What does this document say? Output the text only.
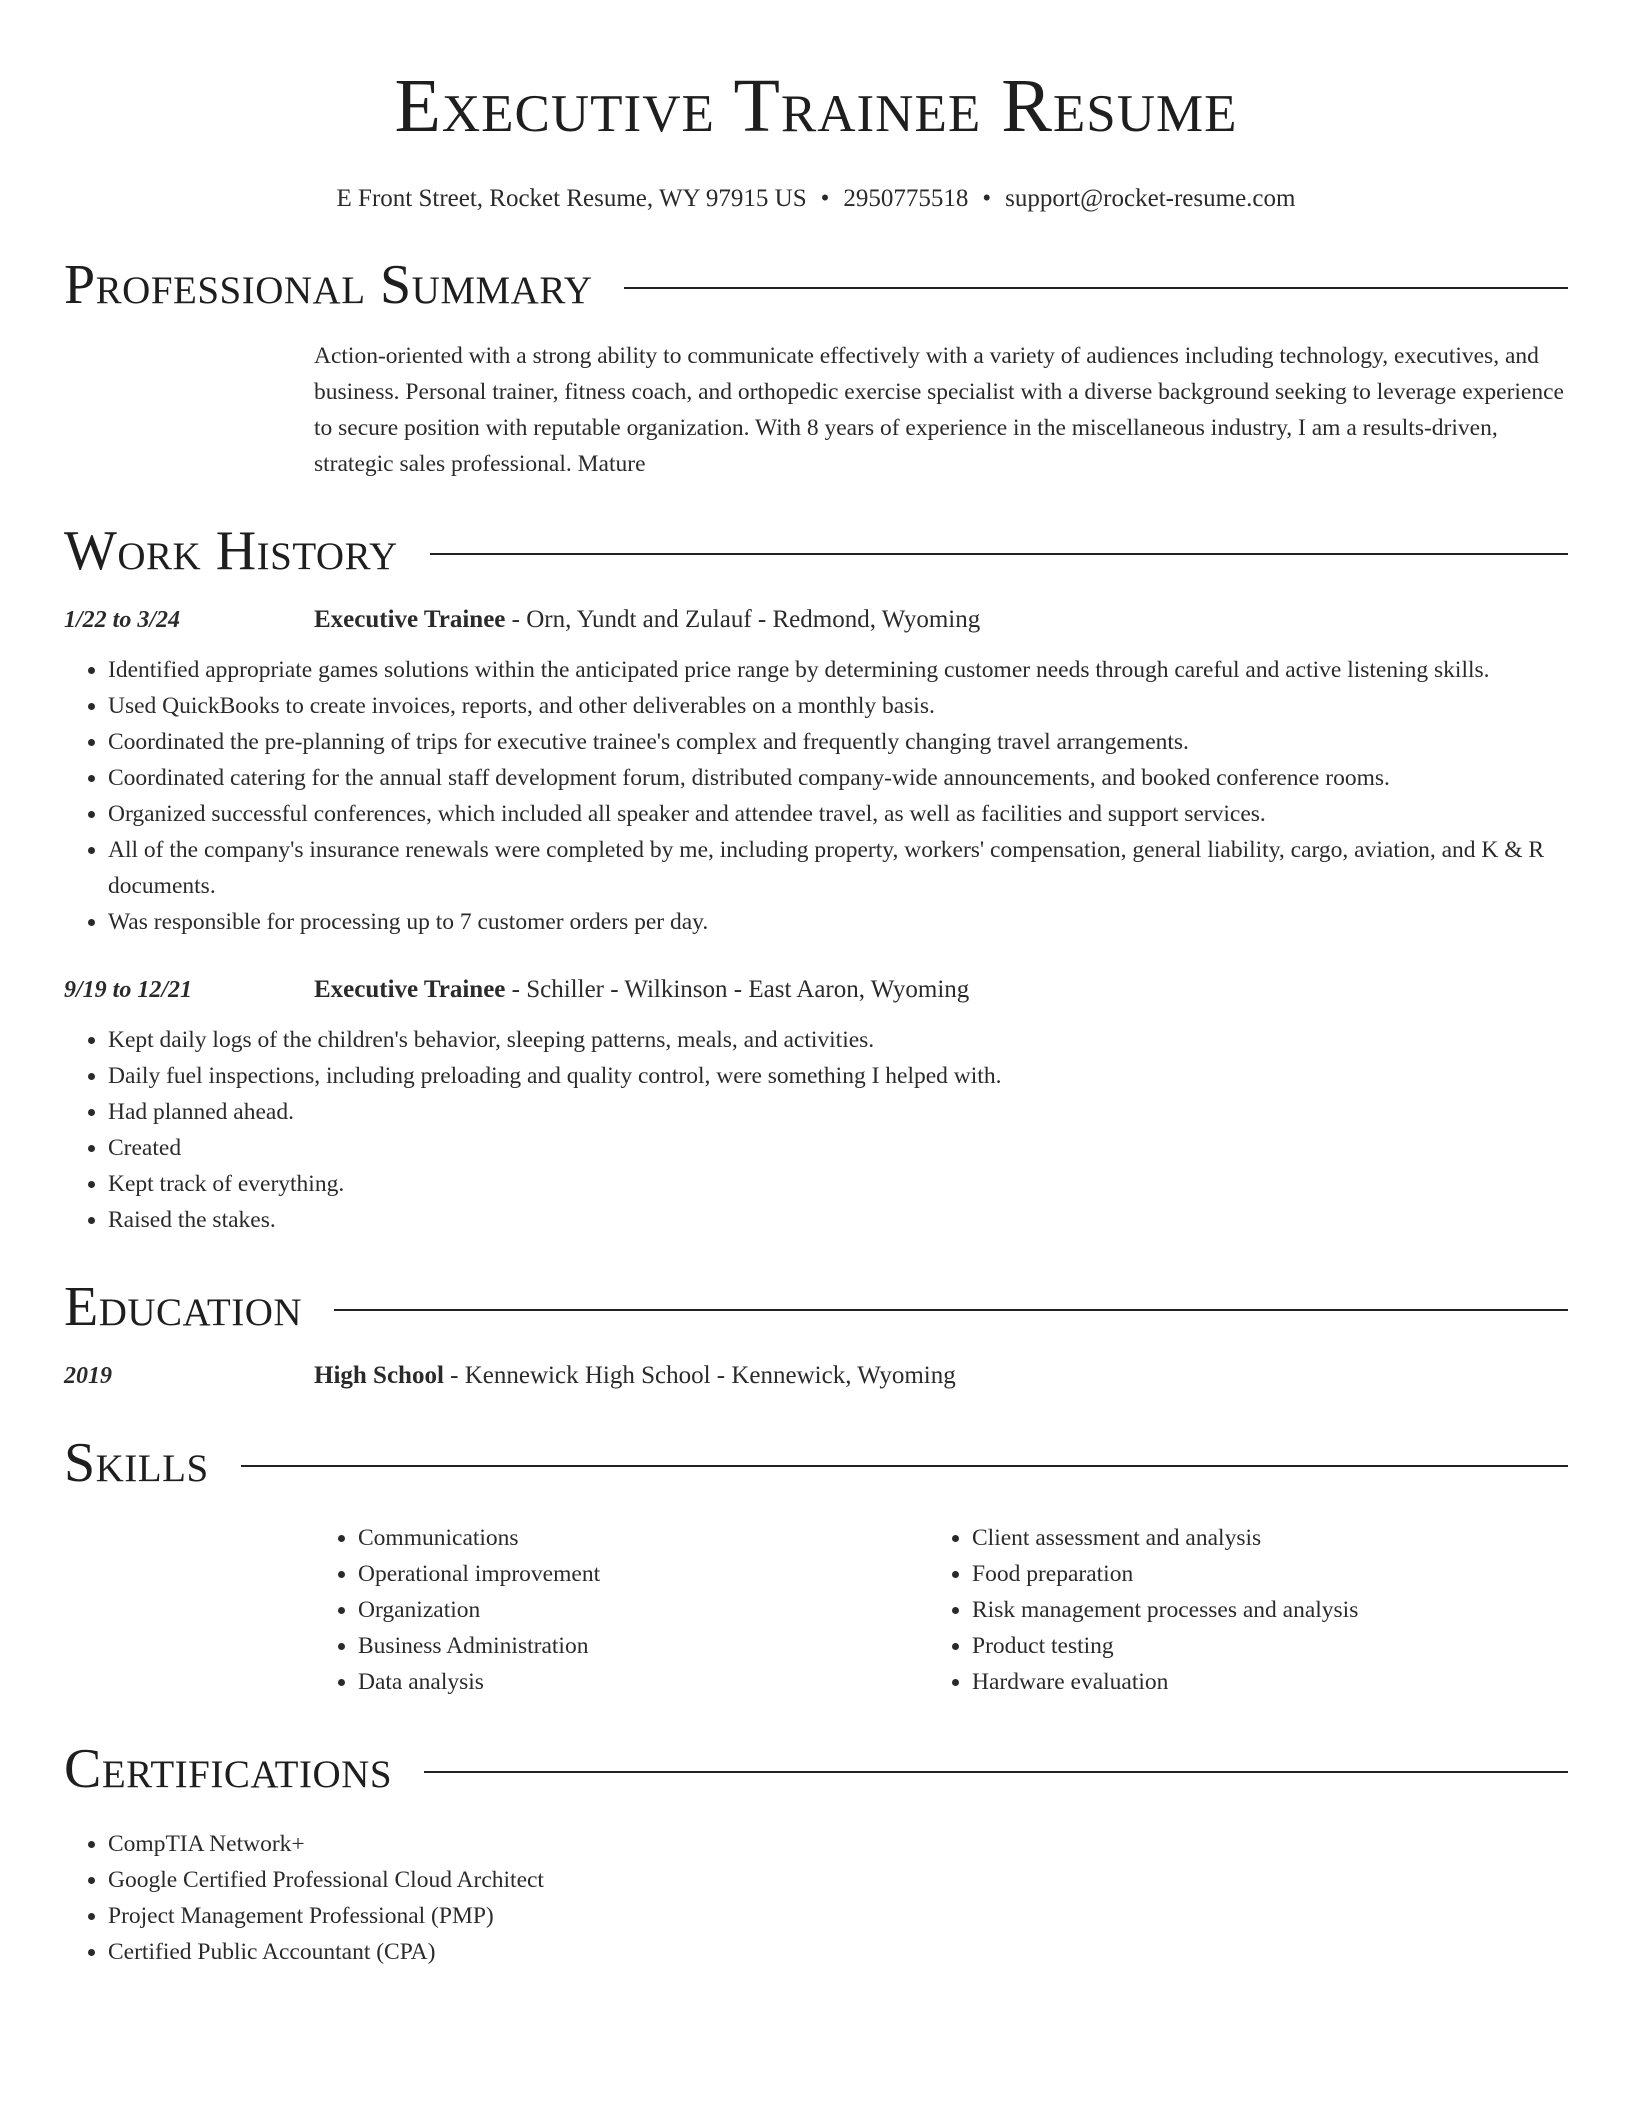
Executive Trainee Resume
E Front Street, Rocket Resume, WY 97915 US • 2950775518 • support@rocket-resume.com
Professional Summary
Action-oriented with a strong ability to communicate effectively with a variety of audiences including technology, executives, and business. Personal trainer, fitness coach, and orthopedic exercise specialist with a diverse background seeking to leverage experience to secure position with reputable organization. With 8 years of experience in the miscellaneous industry, I am a results-driven, strategic sales professional. Mature
Work History
1/22 to 3/24	Executive Trainee - Orn, Yundt and Zulauf - Redmond, Wyoming
• Identified appropriate games solutions within the anticipated price range by determining customer needs through careful and active listening skills.
• Used QuickBooks to create invoices, reports, and other deliverables on a monthly basis.
• Coordinated the pre-planning of trips for executive trainee's complex and frequently changing travel arrangements.
• Coordinated catering for the annual staff development forum, distributed company-wide announcements, and booked conference rooms.
• Organized successful conferences, which included all speaker and attendee travel, as well as facilities and support services.
• All of the company's insurance renewals were completed by me, including property, workers' compensation, general liability, cargo, aviation, and K & R documents.
• Was responsible for processing up to 7 customer orders per day.
9/19 to 12/21	Executive Trainee - Schiller - Wilkinson - East Aaron, Wyoming
• Kept daily logs of the children's behavior, sleeping patterns, meals, and activities.
• Daily fuel inspections, including preloading and quality control, were something I helped with.
• Had planned ahead.
• Created
• Kept track of everything.
• Raised the stakes.
Education
2019	High School - Kennewick High School - Kennewick, Wyoming
Skills
• Communications
• Operational improvement
• Organization
• Business Administration
• Data analysis
• Client assessment and analysis
• Food preparation
• Risk management processes and analysis
• Product testing
• Hardware evaluation
Certifications
• CompTIA Network+
• Google Certified Professional Cloud Architect
• Project Management Professional (PMP)
• Certified Public Accountant (CPA)
